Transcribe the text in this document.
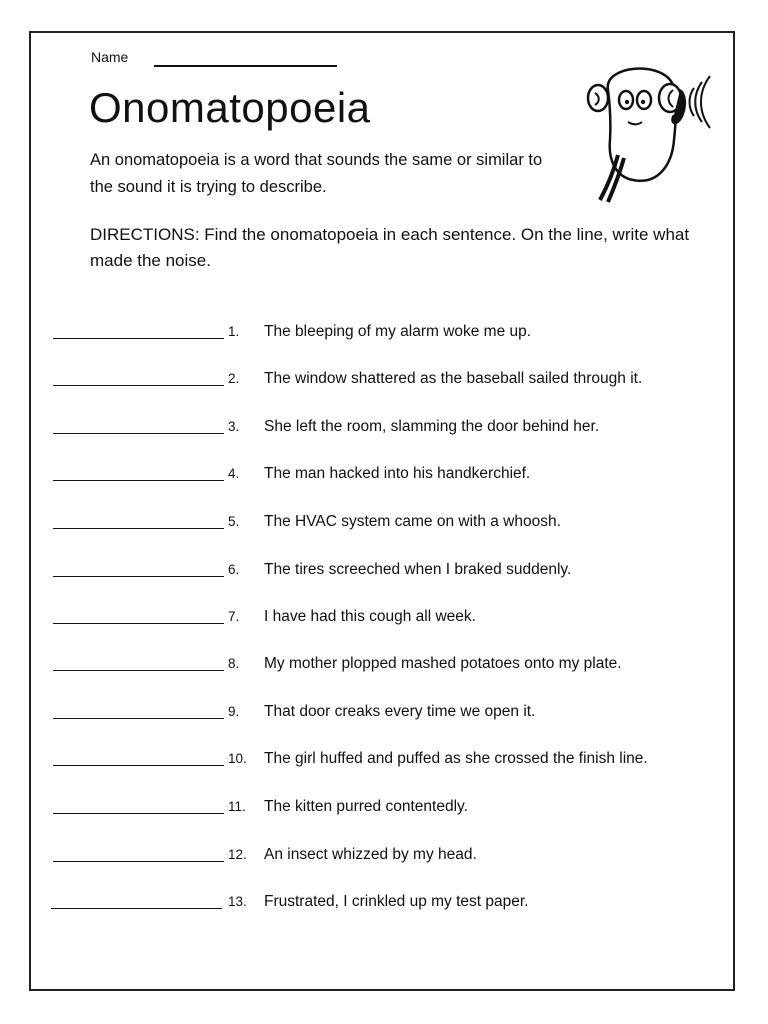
Name
Onomatopoeia

An onomatopoeia is a word that sounds the same or similar to the sound it is trying to describe.

DIRECTIONS: Find the onomatopoeia in each sentence. On the line, write what made the noise.

1. The bleeping of my alarm woke me up.
2. The window shattered as the baseball sailed through it.
3. She left the room, slamming the door behind her.
4. The man hacked into his handkerchief.
5. The HVAC system came on with a whoosh.
6. The tires screeched when I braked suddenly.
7. I have had this cough all week.
8. My mother plopped mashed potatoes onto my plate.
9. That door creaks every time we open it.
10. The girl huffed and puffed as she crossed the finish line.
11. The kitten purred contentedly.
12. An insect whizzed by my head.
13. Frustrated, I crinkled up my test paper.
